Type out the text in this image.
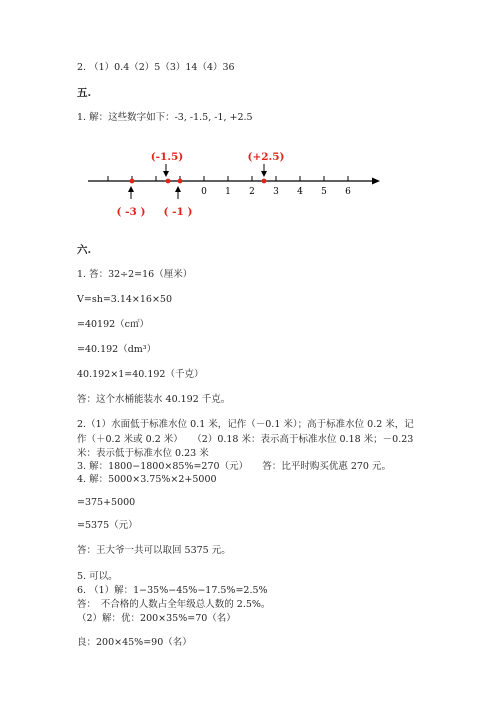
2. （1）0.4（2）5（3）14（4）36
五.
1. 解：这些数字如下：-3, -1.5, -1, +2.5
0 1 2 3 4 5 6
(-1.5)	(+2.5)
( -3 ) ( -1 )
六.
1. 答：32÷2=16（厘米）
V=sh=3.14×16×50
=40192（c㎡）
=40.192（dm³）
40.192×1=40.192（千克）
答：这个水桶能装水 40.192 千克。
2.（1）水面低于标准水位 0.1 米，记作（－0.1 米）；高于标准水位 0.2 米，记
作（＋0.2 米或 0.2 米）　　（2）0.18 米：表示高于标准水位 0.18 米；－0.23
米：表示低于标准水位 0.23 米
3. 解：1800−1800×85%=270（元）　　答：比平时购买优惠 270 元。
4. 解：5000×3.75%×2+5000
=375+5000
=5375（元）
答：王大爷一共可以取回 5375 元。
5. 可以。
6. （1）解：1−35%−45%−17.5%=2.5%
答：　不合格的人数占全年级总人数的 2.5%。
（2）解：优：200×35%=70（名）
良：200×45%=90（名）
